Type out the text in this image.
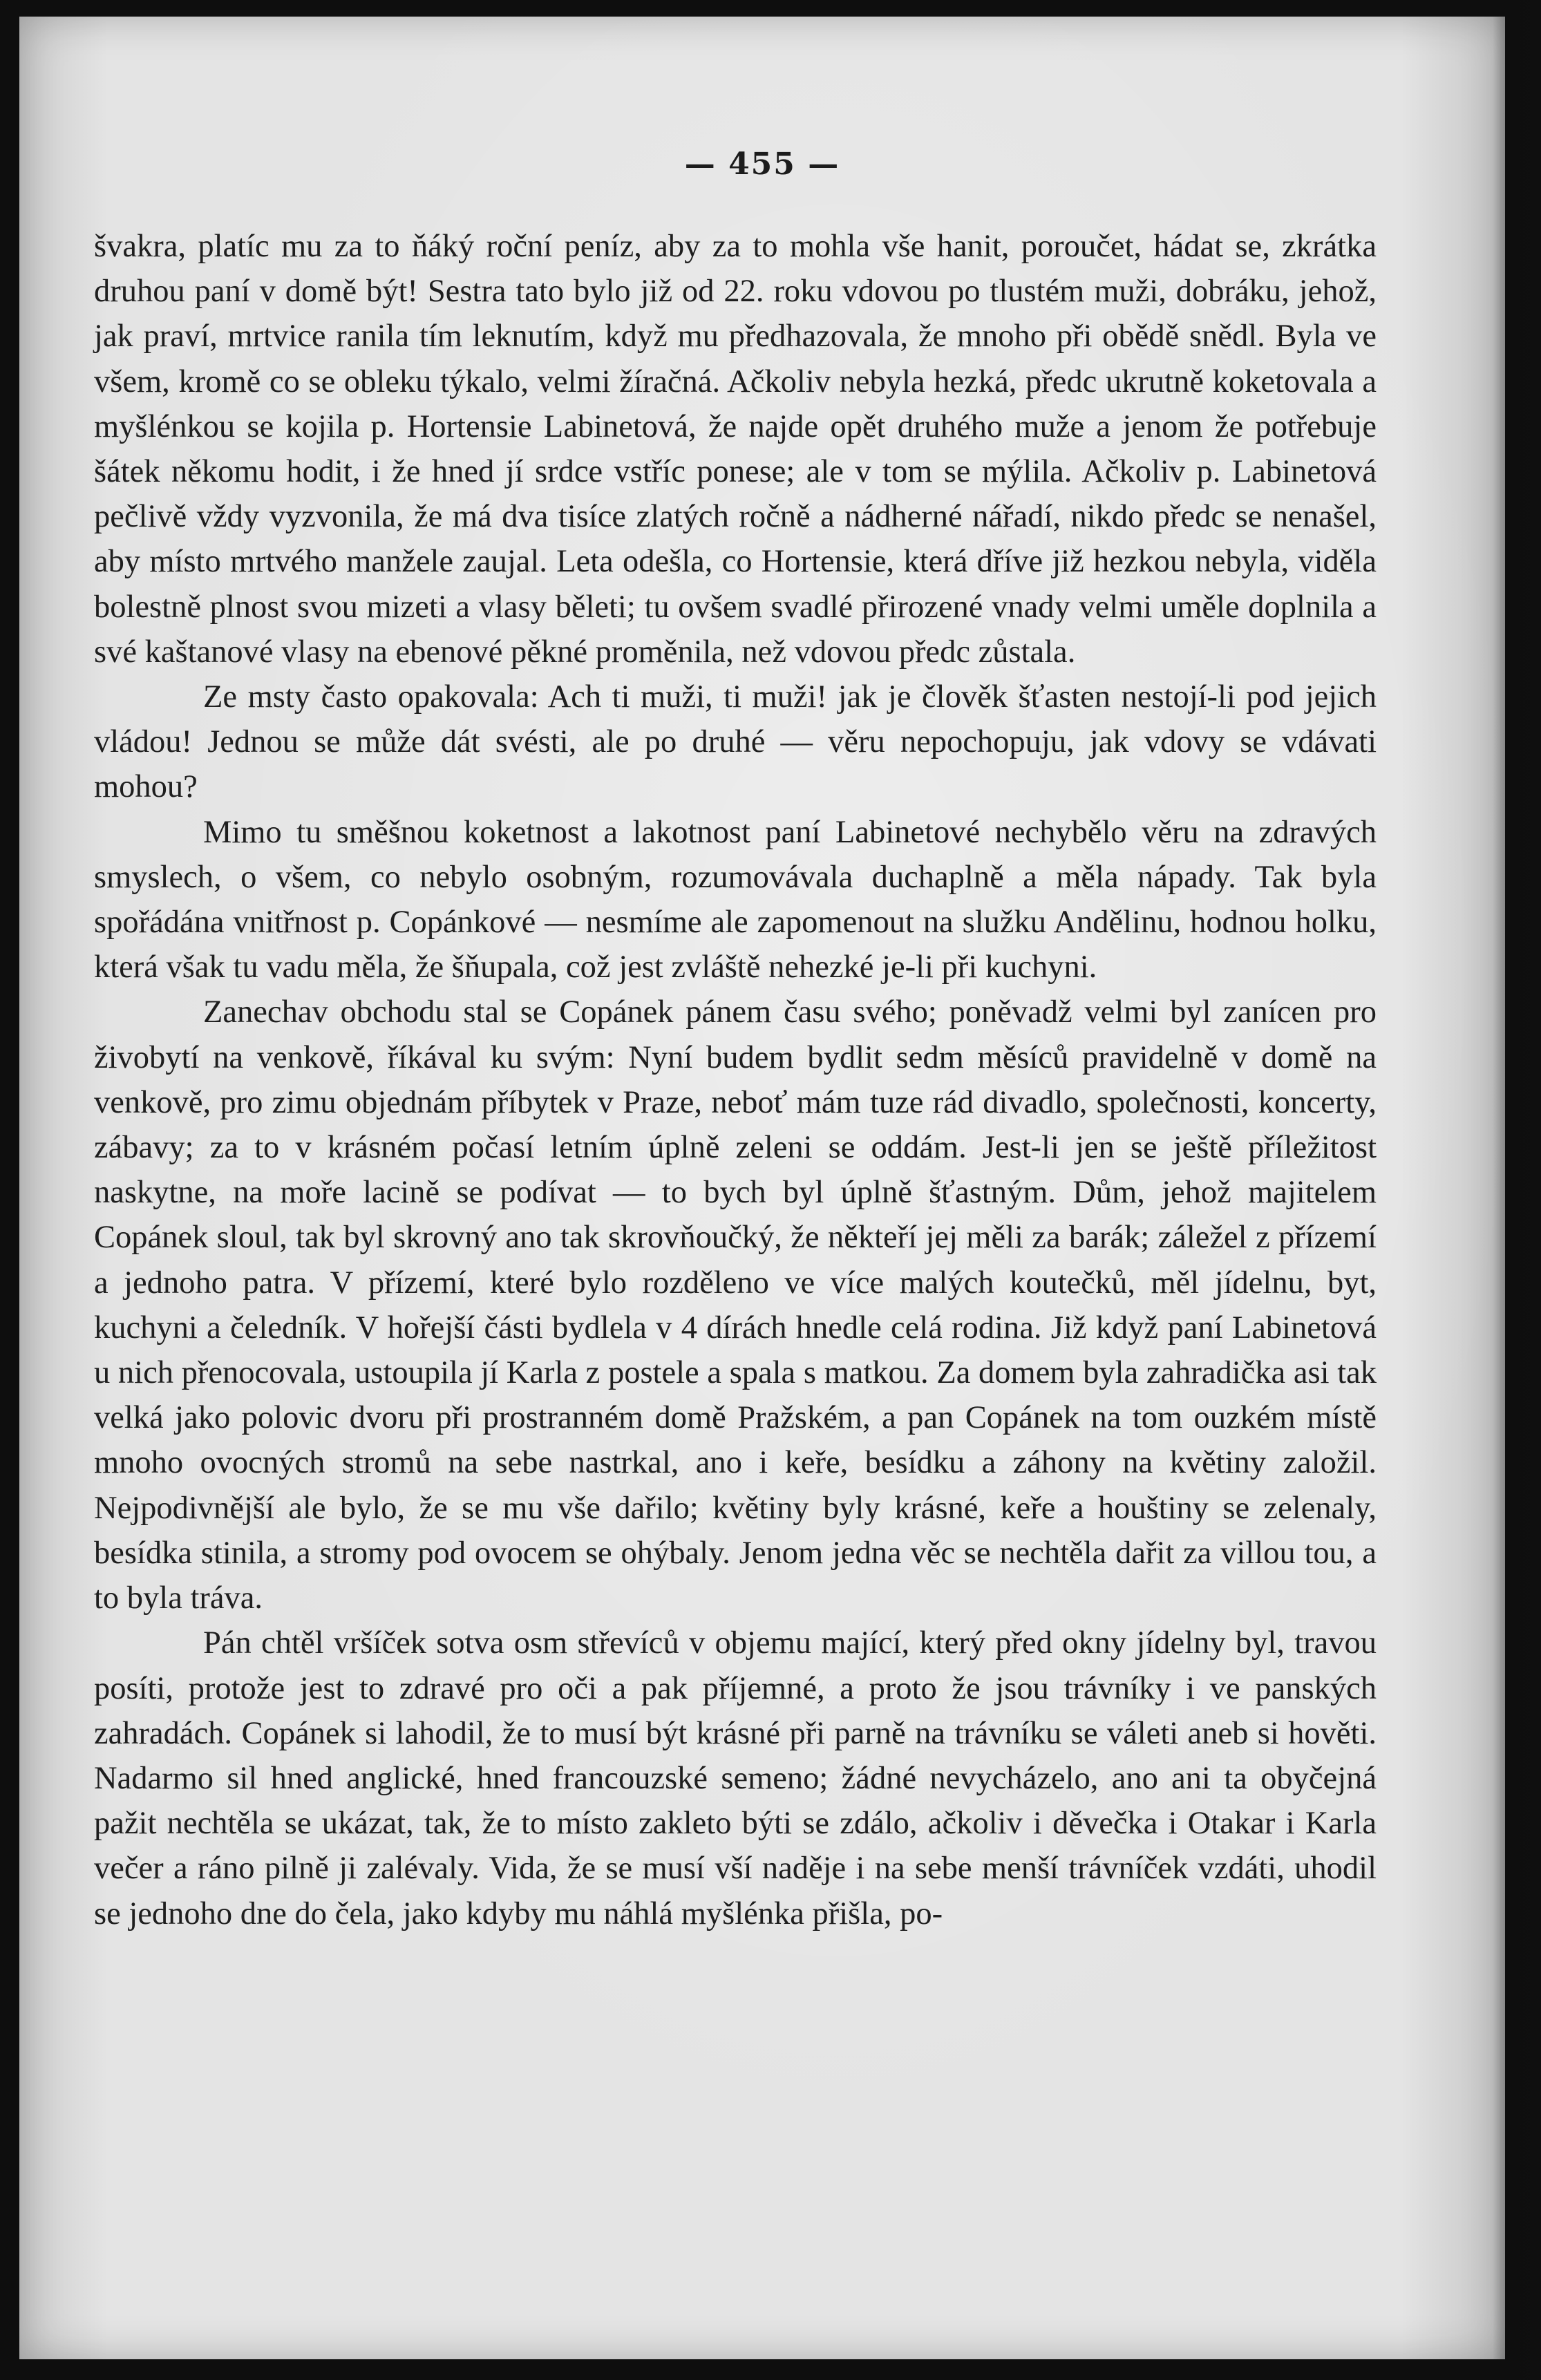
— 455 —

švakra, platíc mu za to ňáký roční peníz, aby za to mohla vše hanit, poroučet, hádat se, zkrátka druhou paní v domě být! Sestra tato bylo již od 22. roku vdovou po tlustém muži, dobráku, jehož, jak praví, mrtvice ranila tím leknutím, když mu předhazovala, že mnoho při obědě snědl. Byla ve všem, kromě co se obleku týkalo, velmi žíračná. Ačkoliv nebyla hezká, předc ukrutně koketovala a myšlénkou se kojila p. Hortensie Labinetová, že najde opět druhého muže a jenom že potřebuje šátek někomu hodit, i že hned jí srdce vstříc ponese; ale v tom se mýlila. Ačkoliv p. Labinetová pečlivě vždy vyzvonila, že má dva tisíce zlatých ročně a nádherné nářadí, nikdo předc se nenašel, aby místo mrtvého manžele zaujal. Leta odešla, co Hortensie, která dříve již hezkou nebyla, viděla bolestně plnost svou mizeti a vlasy běleti; tu ovšem svadlé přirozené vnady velmi uměle doplnila a své kaštanové vlasy na ebenové pěkné proměnila, než vdovou předc zůstala.

Ze msty často opakovala: Ach ti muži, ti muži! jak je člověk šťasten nestojí-li pod jejich vládou! Jednou se může dát svésti, ale po druhé — věru nepochopuju, jak vdovy se vdávati mohou?

Mimo tu směšnou koketnost a lakotnost paní Labinetové nechybělo věru na zdravých smyslech, o všem, co nebylo osobným, rozumovávala duchaplně a měla nápady. Tak byla spořádána vnitřnost p. Copánkové — nesmíme ale zapomenout na služku Andělinu, hodnou holku, která však tu vadu měla, že šňupala, což jest zvláště nehezké je-li při kuchyni.

Zanechav obchodu stal se Copánek pánem času svého; poněvadž velmi byl zanícen pro živobytí na venkově, říkával ku svým: Nyní budem bydlit sedm měsíců pravidelně v domě na venkově, pro zimu objednám příbytek v Praze, neboť mám tuze rád divadlo, společnosti, koncerty, zábavy; za to v krásném počasí letním úplně zeleni se oddám. Jest-li jen se ještě příležitost naskytne, na moře lacině se podívat — to bych byl úplně šťastným. Dům, jehož majitelem Copánek sloul, tak byl skrovný ano tak skrovňoučký, že někteří jej měli za barák; záležel z přízemí a jednoho patra. V přízemí, které bylo rozděleno ve více malých koutečků, měl jídelnu, byt, kuchyni a čeledník. V hořejší části bydlela v 4 dírách hnedle celá rodina. Již když paní Labinetová u nich přenocovala, ustoupila jí Karla z postele a spala s matkou. Za domem byla zahradička asi tak velká jako polovic dvoru při prostranném domě Pražském, a pan Copánek na tom ouzkém místě mnoho ovocných stromů na sebe nastrkal, ano i keře, besídku a záhony na květiny založil. Nejpodivnější ale bylo, že se mu vše dařilo; květiny byly krásné, keře a houštiny se zelenaly, besídka stinila, a stromy pod ovocem se ohýbaly. Jenom jedna věc se nechtěla dařit za villou tou, a to byla tráva.

Pán chtěl vršíček sotva osm střevíců v objemu mající, který před okny jídelny byl, travou posíti, protože jest to zdravé pro oči a pak příjemné, a proto že jsou trávníky i ve panských zahradách. Copánek si lahodil, že to musí být krásné při parně na trávníku se váleti aneb si hověti. Nadarmo sil hned anglické, hned francouzské semeno; žádné nevycházelo, ano ani ta obyčejná pažit nechtěla se ukázat, tak, že to místo zakleto býti se zdálo, ačkoliv i děvečka i Otakar i Karla večer a ráno pilně ji zalévaly. Vida, že se musí vší naděje i na sebe menší trávníček vzdáti, uhodil se jednoho dne do čela, jako kdyby mu náhlá myšlénka přišla, po-
